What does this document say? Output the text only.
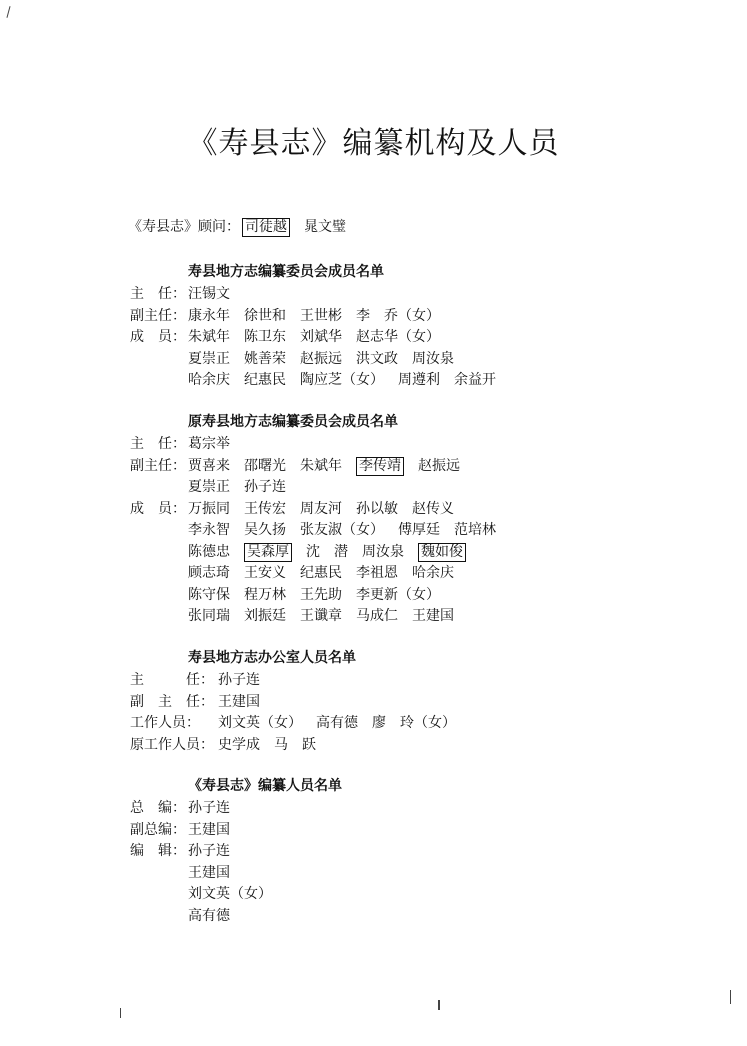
《寿县志》编纂机构及人员
《寿县志》顾问： 司徒越 晁文璧
寿县地方志编纂委员会成员名单
主　任： 汪锡文
副主任： 康永年 徐世和 王世彬 李　乔（女）
成　员： 朱斌年 陈卫东 刘斌华 赵志华（女）
夏崇正 姚善荣 赵振远 洪文政 周汝泉
哈余庆 纪惠民 陶应芝（女） 周遵利 余益开
原寿县地方志编纂委员会成员名单
主　任： 葛宗举
副主任： 贾喜来 邵曙光 朱斌年 李传靖 赵振远
夏崇正 孙子连
成　员： 万振同 王传宏 周友河 孙以敏 赵传义
李永智 吴久扬 张友淑（女） 傅厚廷 范培林
陈德忠 吴森厚 沈　潜 周汝泉 魏如俊
顾志琦 王安义 纪惠民 李祖恩 哈余庆
陈守保 程万林 王先助 李更新（女）
张同瑞 刘振廷 王谶章 马成仁 王建国
寿县地方志办公室人员名单
主　　　任： 孙子连
副　主　任： 王建国
工作人员： 刘文英（女） 高有德 廖　玲（女）
原工作人员： 史学成 马　跃
《寿县志》编纂人员名单
总　编： 孙子连
副总编： 王建国
编　辑： 孙子连
王建国
刘文英（女）
高有德
